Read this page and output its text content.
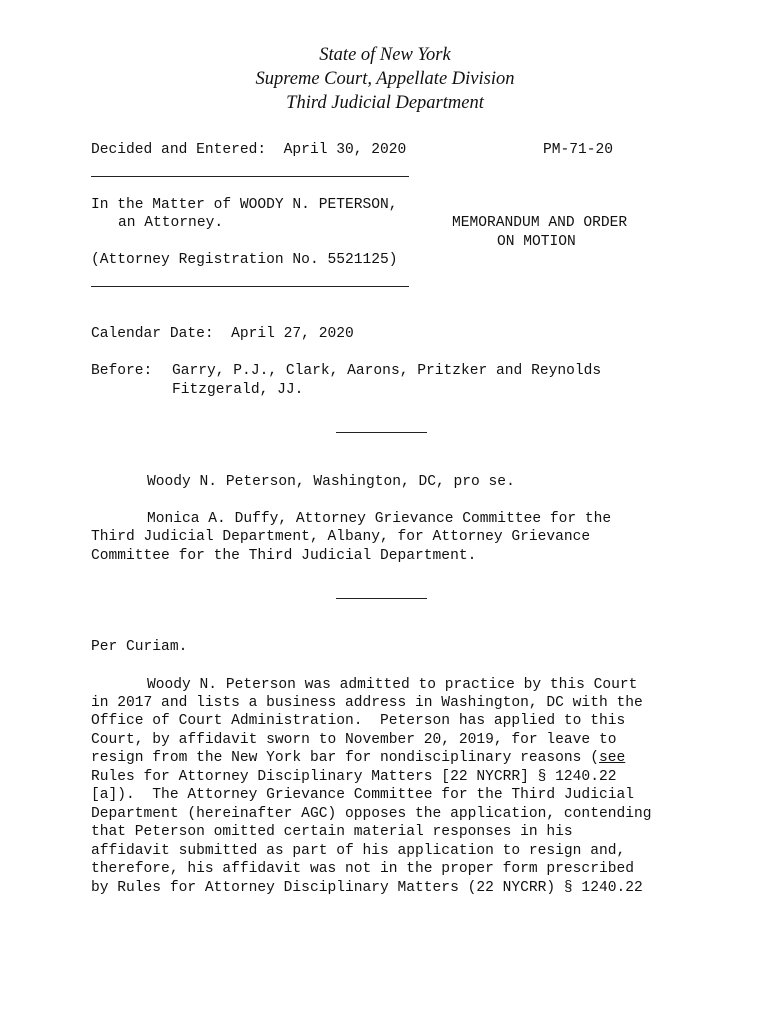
State of New York
Supreme Court, Appellate Division
Third Judicial Department
Decided and Entered:  April 30, 2020	PM-71-20
In the Matter of WOODY N. PETERSON,
an Attorney.	MEMORANDUM AND ORDER
ON MOTION
(Attorney Registration No. 5521125)
Calendar Date:  April 27, 2020
Before: Garry, P.J., Clark, Aarons, Pritzker and Reynolds
Fitzgerald, JJ.
Woody N. Peterson, Washington, DC, pro se.
Monica A. Duffy, Attorney Grievance Committee for the
Third Judicial Department, Albany, for Attorney Grievance
Committee for the Third Judicial Department.
Per Curiam.
Woody N. Peterson was admitted to practice by this Court
in 2017 and lists a business address in Washington, DC with the
Office of Court Administration.  Peterson has applied to this
Court, by affidavit sworn to November 20, 2019, for leave to
resign from the New York bar for nondisciplinary reasons (see
Rules for Attorney Disciplinary Matters [22 NYCRR] § 1240.22
[a]).  The Attorney Grievance Committee for the Third Judicial
Department (hereinafter AGC) opposes the application, contending
that Peterson omitted certain material responses in his
affidavit submitted as part of his application to resign and,
therefore, his affidavit was not in the proper form prescribed
by Rules for Attorney Disciplinary Matters (22 NYCRR) § 1240.22
